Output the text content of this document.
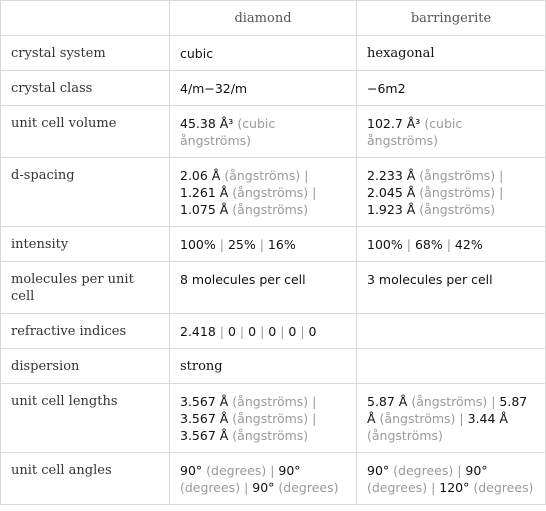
	diamond	barringerite
crystal system	cubic	hexagonal
crystal class	4/m−32/m	−6m2
unit cell volume	45.38 Å³ (cubic ångströms)	102.7 Å³ (cubic ångströms)
d-spacing	2.06 Å (ångströms) | 1.261 Å (ångströms) | 1.075 Å (ångströms)	2.233 Å (ångströms) | 2.045 Å (ångströms) | 1.923 Å (ångströms)
intensity	100% | 25% | 16%	100% | 68% | 42%
molecules per unit cell	8 molecules per cell	3 molecules per cell
refractive indices	2.418 | 0 | 0 | 0 | 0 | 0	
dispersion	strong	
unit cell lengths	3.567 Å (ångströms) | 3.567 Å (ångströms) | 3.567 Å (ångströms)	5.87 Å (ångströms) | 5.87 Å (ångströms) | 3.44 Å (ångströms)
unit cell angles	90° (degrees) | 90° (degrees) | 90° (degrees)	90° (degrees) | 90° (degrees) | 120° (degrees)
